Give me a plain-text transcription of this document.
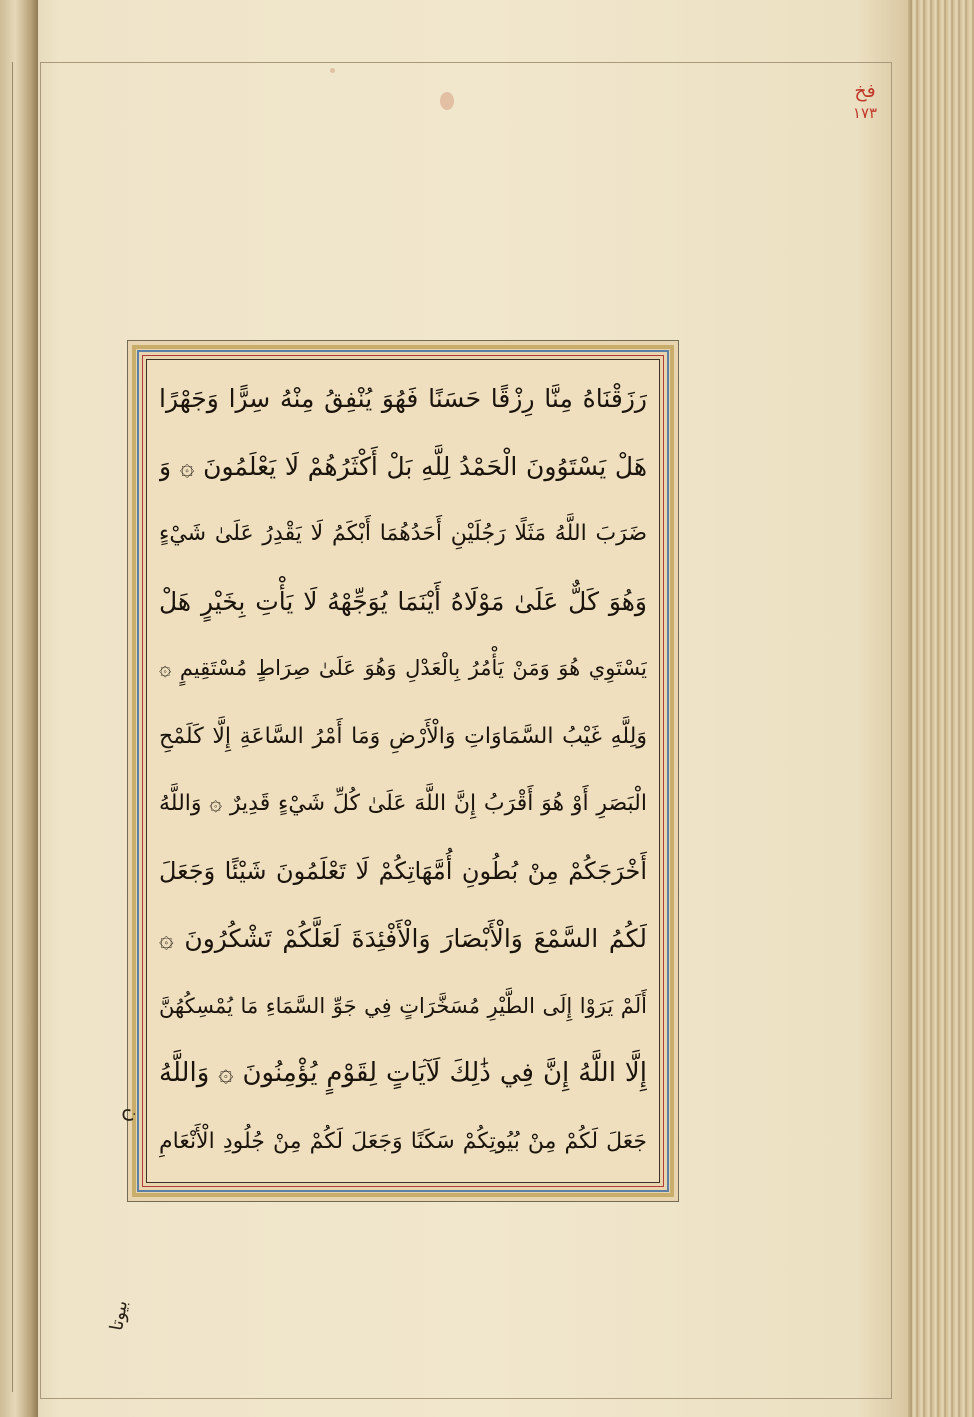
فخ
١٧٣
رَزَقْنَاهُ مِنَّا رِزْقًا حَسَنًا فَهُوَ يُنْفِقُ مِنْهُ سِرًّا وَجَهْرًا
هَلْ يَسْتَوُونَ الْحَمْدُ لِلَّهِ بَلْ أَكْثَرُهُمْ لَا يَعْلَمُونَ ۞ وَ
ضَرَبَ اللَّهُ مَثَلًا رَجُلَيْنِ أَحَدُهُمَا أَبْكَمُ لَا يَقْدِرُ عَلَىٰ شَيْءٍ
وَهُوَ كَلٌّ عَلَىٰ مَوْلَاهُ أَيْنَمَا يُوَجِّهْهُ لَا يَأْتِ بِخَيْرٍ هَلْ
يَسْتَوِي هُوَ وَمَنْ يَأْمُرُ بِالْعَدْلِ وَهُوَ عَلَىٰ صِرَاطٍ مُسْتَقِيمٍ ۞
وَلِلَّهِ غَيْبُ السَّمَاوَاتِ وَالْأَرْضِ وَمَا أَمْرُ السَّاعَةِ إِلَّا كَلَمْحِ
الْبَصَرِ أَوْ هُوَ أَقْرَبُ إِنَّ اللَّهَ عَلَىٰ كُلِّ شَيْءٍ قَدِيرٌ ۞ وَاللَّهُ
أَخْرَجَكُمْ مِنْ بُطُونِ أُمَّهَاتِكُمْ لَا تَعْلَمُونَ شَيْئًا وَجَعَلَ
لَكُمُ السَّمْعَ وَالْأَبْصَارَ وَالْأَفْئِدَةَ لَعَلَّكُمْ تَشْكُرُونَ ۞
أَلَمْ يَرَوْا إِلَى الطَّيْرِ مُسَخَّرَاتٍ فِي جَوِّ السَّمَاءِ مَا يُمْسِكُهُنَّ
إِلَّا اللَّهُ إِنَّ فِي ذَٰلِكَ لَآيَاتٍ لِقَوْمٍ يُؤْمِنُونَ ۞ وَاللَّهُ
جَعَلَ لَكُمْ مِنْ بُيُوتِكُمْ سَكَنًا وَجَعَلَ لَكُمْ مِنْ جُلُودِ الْأَنْعَامِ
ن
بيوتا
